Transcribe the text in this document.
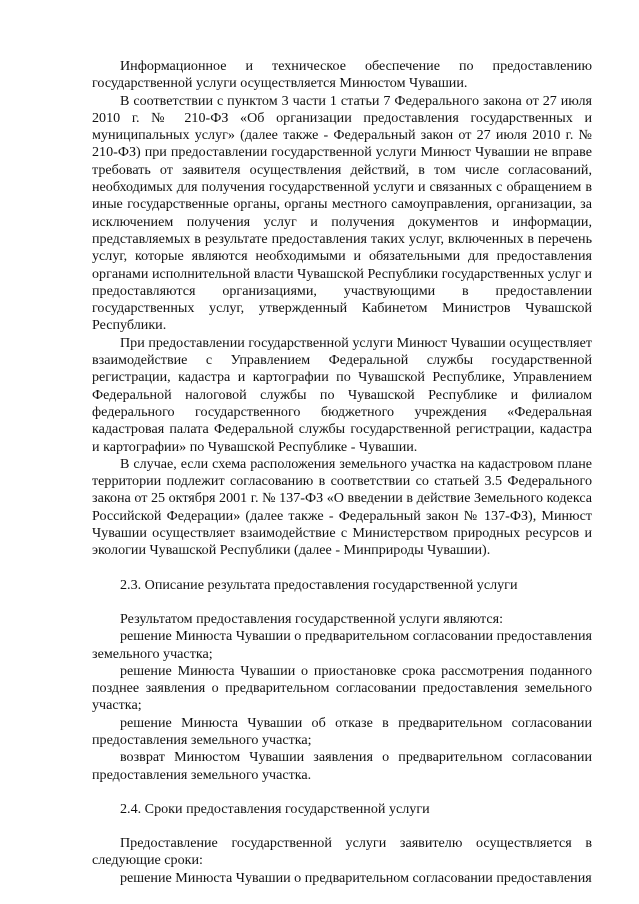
Информационное и техническое обеспечение по предоставлению государственной услуги осуществляется Минюстом Чувашии.

В соответствии с пунктом 3 части 1 статьи 7 Федерального закона от 27 июля 2010 г. № 210-ФЗ «Об организации предоставления государственных и муниципальных услуг» (далее также - Федеральный закон от 27 июля 2010 г. № 210-ФЗ) при предоставлении государственной услуги Минюст Чувашии не вправе требовать от заявителя осуществления действий, в том числе согласований, необходимых для получения государственной услуги и связанных с обращением в иные государственные органы, органы местного самоуправления, организации, за исключением получения услуг и получения документов и информации, представляемых в результате предоставления таких услуг, включенных в перечень услуг, которые являются необходимыми и обязательными для предоставления органами исполнительной власти Чувашской Республики государственных услуг и предоставляются организациями, участвующими в предоставлении государственных услуг, утвержденный Кабинетом Министров Чувашской Республики.

При предоставлении государственной услуги Минюст Чувашии осуществляет взаимодействие с Управлением Федеральной службы государственной регистрации, кадастра и картографии по Чувашской Республике, Управлением Федеральной налоговой службы по Чувашской Республике и филиалом федерального государственного бюджетного учреждения «Федеральная кадастровая палата Федеральной службы государственной регистрации, кадастра и картографии» по Чувашской Республике - Чувашии.

В случае, если схема расположения земельного участка на кадастровом плане территории подлежит согласованию в соответствии со статьей 3.5 Федерального закона от 25 октября 2001 г. № 137-ФЗ «О введении в действие Земельного кодекса Российской Федерации» (далее также - Федеральный закон № 137-ФЗ), Минюст Чувашии осуществляет взаимодействие с Министерством природных ресурсов и экологии Чувашской Республики (далее - Минприроды Чувашии).

2.3. Описание результата предоставления государственной услуги

Результатом предоставления государственной услуги являются:

решение Минюста Чувашии о предварительном согласовании предоставления земельного участка;

решение Минюста Чувашии о приостановке срока рассмотрения поданного позднее заявления о предварительном согласовании предоставления земельного участка;

решение Минюста Чувашии об отказе в предварительном согласовании предоставления земельного участка;

возврат Минюстом Чувашии заявления о предварительном согласовании предоставления земельного участка.

2.4. Сроки предоставления государственной услуги

Предоставление государственной услуги заявителю осуществляется в следующие сроки:

решение Минюста Чувашии о предварительном согласовании предоставления
